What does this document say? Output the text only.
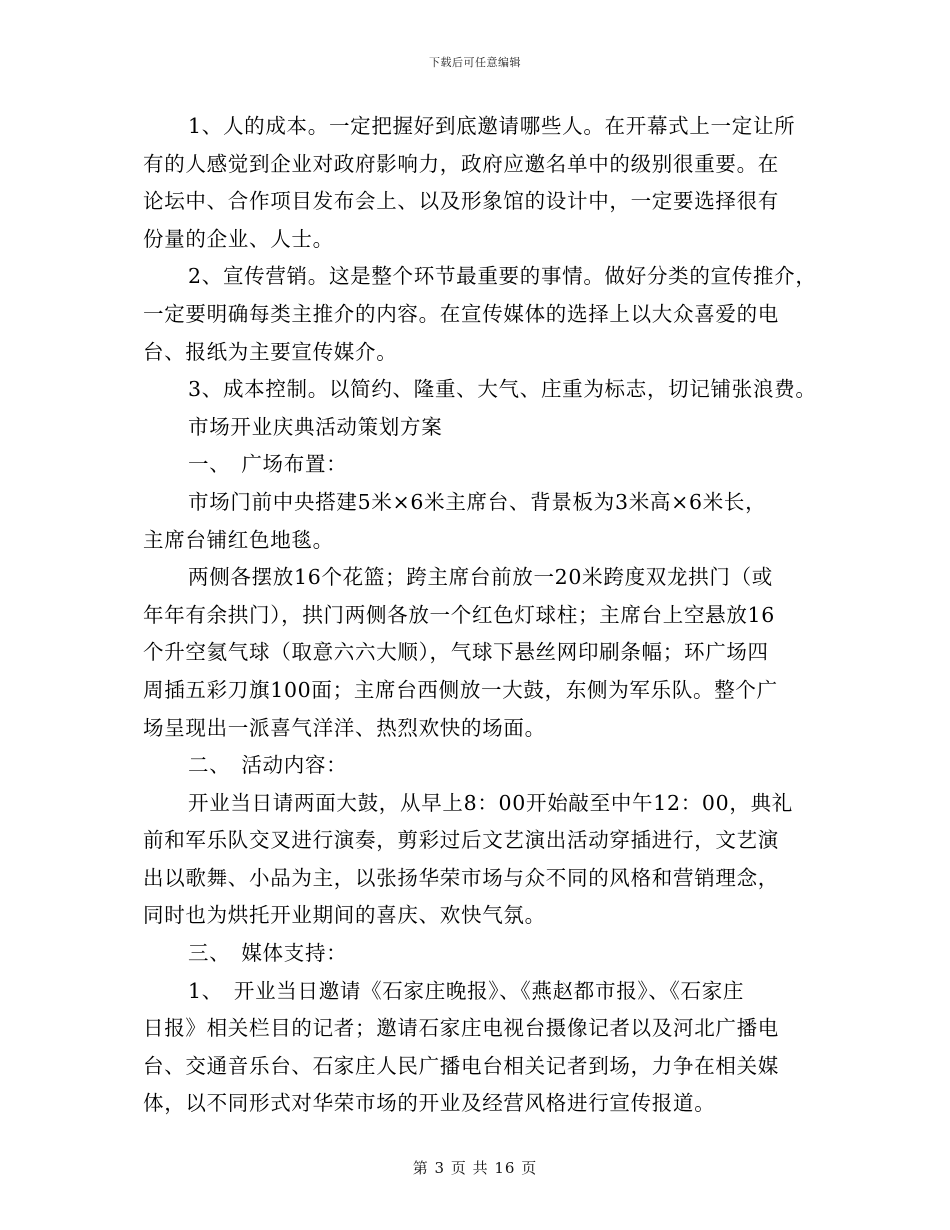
下载后可任意编辑
1、人的成本。一定把握好到底邀请哪些人。在开幕式上一定让所
有的人感觉到企业对政府影响力，政府应邀名单中的级别很重要。在
论坛中、合作项目发布会上、以及形象馆的设计中，一定要选择很有
份量的企业、人士。
2、宣传营销。这是整个环节最重要的事情。做好分类的宣传推介，
一定要明确每类主推介的内容。在宣传媒体的选择上以大众喜爱的电
台、报纸为主要宣传媒介。
3、成本控制。以简约、隆重、大气、庄重为标志，切记铺张浪费。
市场开业庆典活动策划方案
一、　广场布置：
市场门前中央搭建5米×6米主席台、背景板为3米高×6米长，
主席台铺红色地毯。
两侧各摆放16个花篮；跨主席台前放一20米跨度双龙拱门（或
年年有余拱门），拱门两侧各放一个红色灯球柱；主席台上空悬放16
个升空氦气球（取意六六大顺），气球下悬丝网印刷条幅；环广场四
周插五彩刀旗100面；主席台西侧放一大鼓，东侧为军乐队。整个广
场呈现出一派喜气洋洋、热烈欢快的场面。
二、　活动内容：
开业当日请两面大鼓，从早上8：00开始敲至中午12：00，典礼
前和军乐队交叉进行演奏，剪彩过后文艺演出活动穿插进行，文艺演
出以歌舞、小品为主，以张扬华荣市场与众不同的风格和营销理念，
同时也为烘托开业期间的喜庆、欢快气氛。
三、　媒体支持：
1、　开业当日邀请《石家庄晚报》、《燕赵都市报》、《石家庄
日报》相关栏目的记者；邀请石家庄电视台摄像记者以及河北广播电
台、交通音乐台、石家庄人民广播电台相关记者到场，力争在相关媒
体，以不同形式对华荣市场的开业及经营风格进行宣传报道。
第 3 页 共 16 页
